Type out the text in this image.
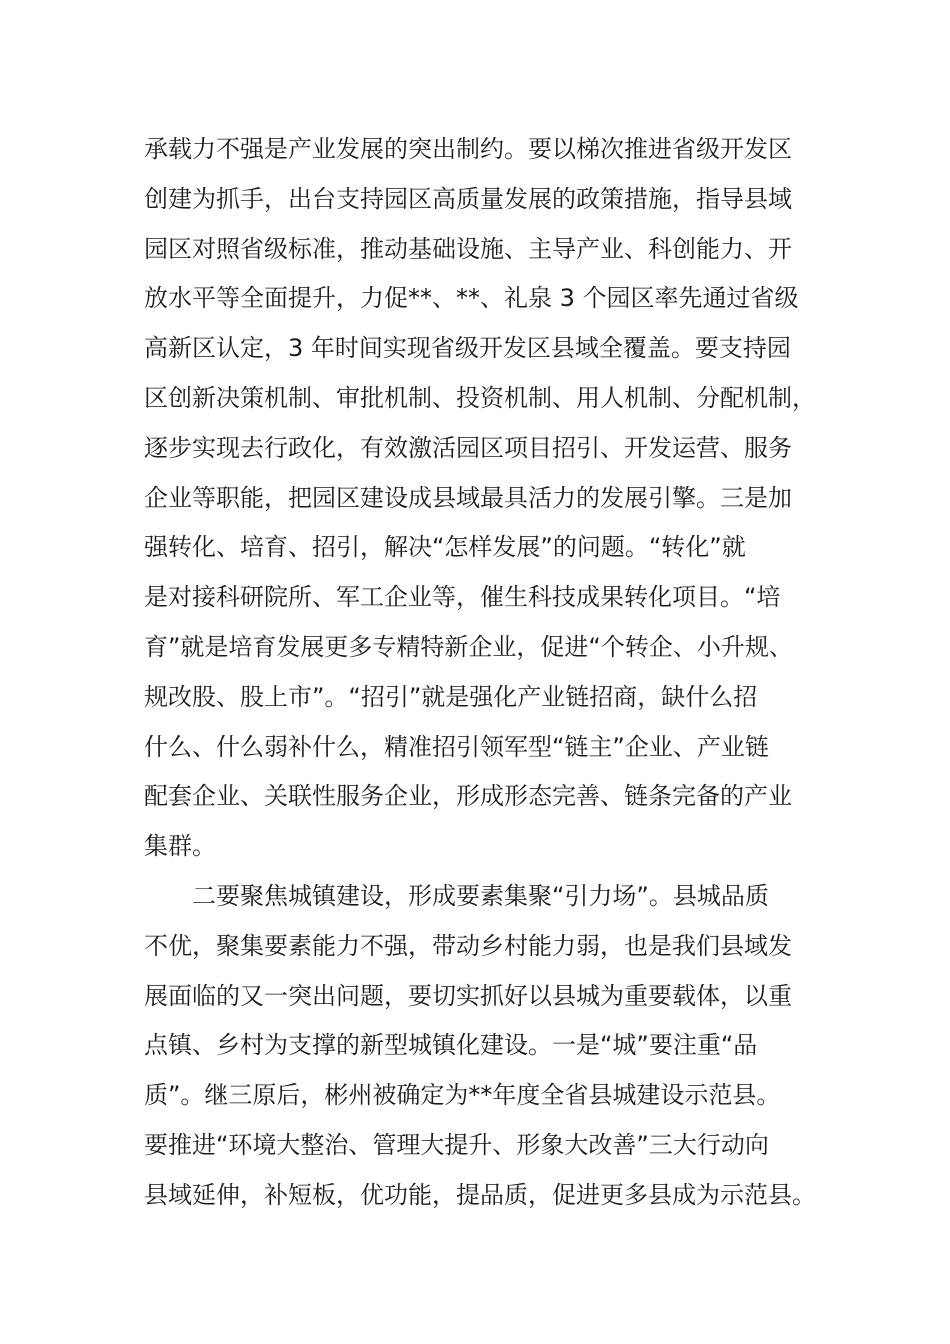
承载力不强是产业发展的突出制约。要以梯次推进省级开发区
创建为抓手，出台支持园区高质量发展的政策措施，指导县域
园区对照省级标准，推动基础设施、主导产业、科创能力、开
放水平等全面提升，力促**、**、礼泉 3 个园区率先通过省级
高新区认定，3 年时间实现省级开发区县域全覆盖。要支持园
区创新决策机制、审批机制、投资机制、用人机制、分配机制，
逐步实现去行政化，有效激活园区项目招引、开发运营、服务
企业等职能，把园区建设成县域最具活力的发展引擎。三是加
强转化、培育、招引，解决“怎样发展”的问题。“转化”就
是对接科研院所、军工企业等，催生科技成果转化项目。“培
育”就是培育发展更多专精特新企业，促进“个转企、小升规、
规改股、股上市”。“招引”就是强化产业链招商，缺什么招
什么、什么弱补什么，精准招引领军型“链主”企业、产业链
配套企业、关联性服务企业，形成形态完善、链条完备的产业
集群。
二要聚焦城镇建设，形成要素集聚“引力场”。县城品质
不优，聚集要素能力不强，带动乡村能力弱，也是我们县域发
展面临的又一突出问题，要切实抓好以县城为重要载体，以重
点镇、乡村为支撑的新型城镇化建设。一是“城”要注重“品
质”。继三原后，彬州被确定为**年度全省县城建设示范县。
要推进“环境大整治、管理大提升、形象大改善”三大行动向
县域延伸，补短板，优功能，提品质，促进更多县成为示范县。
